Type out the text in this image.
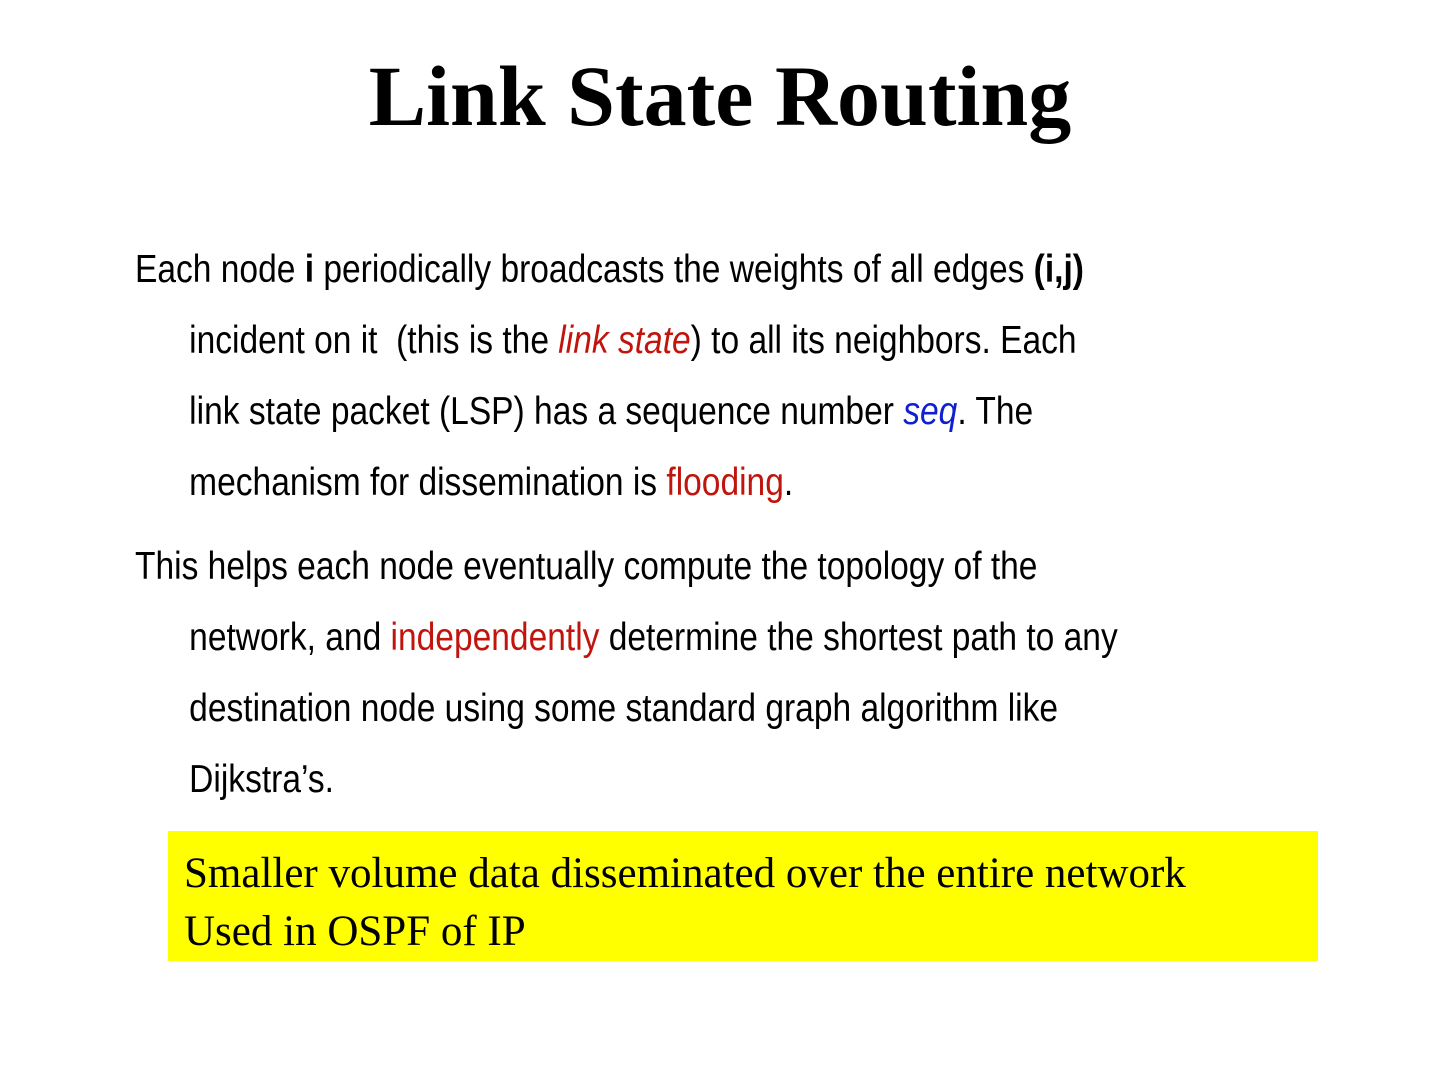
Link State Routing
Each node i periodically broadcasts the weights of all edges (i,j)
incident on it  (this is the link state) to all its neighbors. Each
link state packet (LSP) has a sequence number seq. The
mechanism for dissemination is flooding.
This helps each node eventually compute the topology of the
network, and independently determine the shortest path to any
destination node using some standard graph algorithm like
Dijkstra’s.
Smaller volume data disseminated over the entire network
Used in OSPF of IP
